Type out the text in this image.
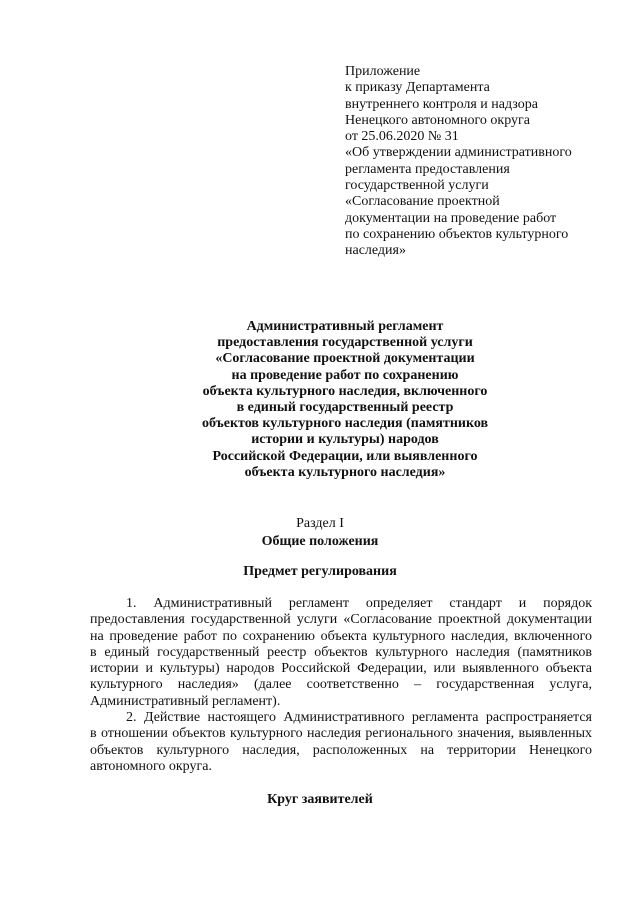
Приложение
к приказу Департамента
внутреннего контроля и надзора
Ненецкого автономного округа
от 25.06.2020 № 31
«Об утверждении административного
регламента предоставления
государственной услуги
«Согласование проектной
документации на проведение работ
по сохранению объектов культурного
наследия»
Административный регламент
предоставления государственной услуги
«Согласование проектной документации
на проведение работ по сохранению
объекта культурного наследия, включенного
в единый государственный реестр
объектов культурного наследия (памятников
истории и культуры) народов
Российской Федерации, или выявленного
объекта культурного наследия»
Раздел I
Общие положения
Предмет регулирования
1. Административный регламент определяет стандарт и порядок
предоставления государственной услуги «Согласование проектной документации
на проведение работ по сохранению объекта культурного наследия, включенного
в единый государственный реестр объектов культурного наследия (памятников
истории и культуры) народов Российской Федерации, или выявленного объекта
культурного наследия» (далее соответственно – государственная услуга,
Административный регламент).
2. Действие настоящего Административного регламента распространяется
в отношении объектов культурного наследия регионального значения, выявленных
объектов культурного наследия, расположенных на территории Ненецкого
автономного округа.
Круг заявителей
